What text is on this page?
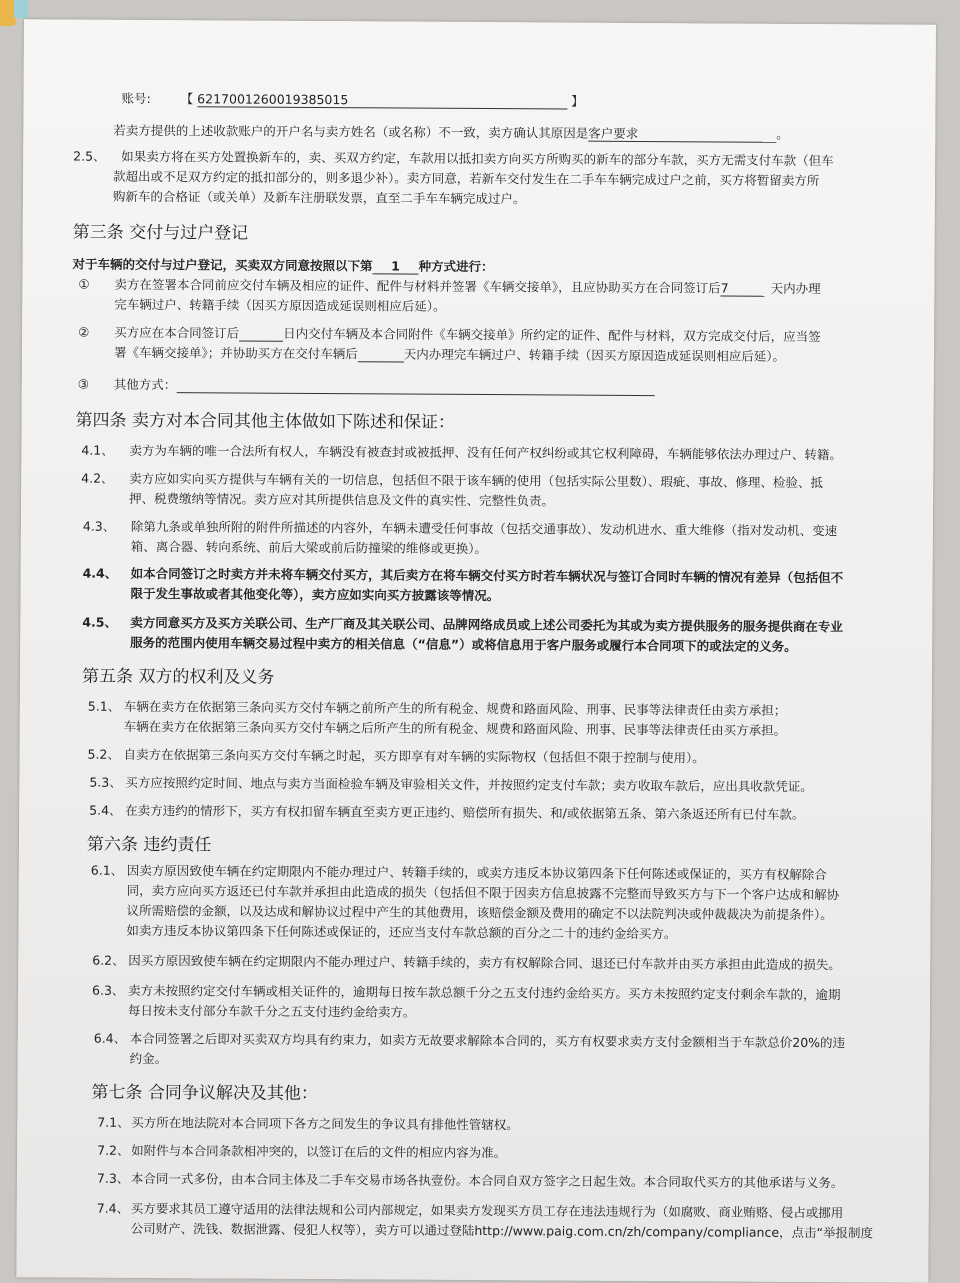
账号: 【 6217001260019385015	】
若卖方提供的上述收款账户的开户名与卖方姓名（或名称）不一致，卖方确认其原因是客户要求	。
2.5、 如果卖方将在买方处置换新车的，卖、买双方约定，车款用以抵扣卖方向买方所购买的新车的部分车款，买方无需支付车款（但车
款超出或不足双方约定的抵扣部分的，则多退少补）。卖方同意，若新车交付发生在二手车车辆完成过户之前，买方将暂留卖方所
购新车的合格证（或关单）及新车注册联发票，直至二手车车辆完成过户。
第三条 交付与过户登记
对于车辆的交付与过户登记，买卖双方同意按照以下第 1 种方式进行：
① 卖方在签署本合同前应交付车辆及相应的证件、配件与材料并签署《车辆交接单》，且应协助买方在合同签订后7	天内办理
完车辆过户、转籍手续（因买方原因造成延误则相应后延）。
② 买方应在本合同签订后	日内交付车辆及本合同附件《车辆交接单》所约定的证件、配件与材料，双方完成交付后，应当签
署《车辆交接单》；并协助买方在交付车辆后	天内办理完车辆过户、转籍手续（因买方原因造成延误则相应后延）。
③ 其他方式：
第四条 卖方对本合同其他主体做如下陈述和保证：
4.1、 卖方为车辆的唯一合法所有权人，车辆没有被查封或被抵押、没有任何产权纠纷或其它权利障碍，车辆能够依法办理过户、转籍。
4.2、 卖方应如实向买方提供与车辆有关的一切信息，包括但不限于该车辆的使用（包括实际公里数）、瑕疵、事故、修理、检验、抵
押、税费缴纳等情况。卖方应对其所提供信息及文件的真实性、完整性负责。
4.3、 除第九条或单独所附的附件所描述的内容外，车辆未遭受任何事故（包括交通事故）、发动机进水、重大维修（指对发动机、变速
箱、离合器、转向系统、前后大梁或前后防撞梁的维修或更换）。
4.4、 如本合同签订之时卖方并未将车辆交付买方，其后卖方在将车辆交付买方时若车辆状况与签订合同时车辆的情况有差异（包括但不
限于发生事故或者其他变化等），卖方应如实向买方披露该等情况。
4.5、 卖方同意买方及买方关联公司、生产厂商及其关联公司、品牌网络成员或上述公司委托为其或为卖方提供服务的服务提供商在专业
服务的范围内使用车辆交易过程中卖方的相关信息（“信息”）或将信息用于客户服务或履行本合同项下的或法定的义务。
第五条 双方的权利及义务
5.1、 车辆在卖方在依据第三条向买方交付车辆之前所产生的所有税金、规费和路面风险、刑事、民事等法律责任由卖方承担；
车辆在卖方在依据第三条向买方交付车辆之后所产生的所有税金、规费和路面风险、刑事、民事等法律责任由买方承担。
5.2、 自卖方在依据第三条向买方交付车辆之时起，买方即享有对车辆的实际物权（包括但不限于控制与使用）。
5.3、 买方应按照约定时间、地点与卖方当面检验车辆及审验相关文件，并按照约定支付车款；卖方收取车款后，应出具收款凭证。
5.4、 在卖方违约的情形下，买方有权扣留车辆直至卖方更正违约、赔偿所有损失、和/或依据第五条、第六条返还所有已付车款。
第六条 违约责任
6.1、 因卖方原因致使车辆在约定期限内不能办理过户、转籍手续的，或卖方违反本协议第四条下任何陈述或保证的，买方有权解除合
同，卖方应向买方返还已付车款并承担由此造成的损失（包括但不限于因卖方信息披露不完整而导致买方与下一个客户达成和解协
议所需赔偿的金额，以及达成和解协议过程中产生的其他费用，该赔偿金额及费用的确定不以法院判决或仲裁裁决为前提条件）。
如卖方违反本协议第四条下任何陈述或保证的，还应当支付车款总额的百分之二十的违约金给买方。
6.2、 因买方原因致使车辆在约定期限内不能办理过户、转籍手续的，卖方有权解除合同、退还已付车款并由买方承担由此造成的损失。
6.3、 卖方未按照约定交付车辆或相关证件的，逾期每日按车款总额千分之五支付违约金给买方。买方未按照约定支付剩余车款的，逾期
每日按未支付部分车款千分之五支付违约金给卖方。
6.4、 本合同签署之后即对买卖双方均具有约束力，如卖方无故要求解除本合同的，买方有权要求卖方支付金额相当于车款总价20%的违
约金。
第七条 合同争议解决及其他：
7.1、 买方所在地法院对本合同项下各方之间发生的争议具有排他性管辖权。
7.2、 如附件与本合同条款相冲突的，以签订在后的文件的相应内容为准。
7.3、 本合同一式多份，由本合同主体及二手车交易市场各执壹份。本合同自双方签字之日起生效。本合同取代买方的其他承诺与义务。
7.4、 买方要求其员工遵守适用的法律法规和公司内部规定，如果卖方发现买方员工存在违法违规行为（如腐败、商业贿赂、侵占或挪用
公司财产、洗钱、数据泄露、侵犯人权等），卖方可以通过登陆http://www.paig.com.cn/zh/company/compliance，点击“举报制度
